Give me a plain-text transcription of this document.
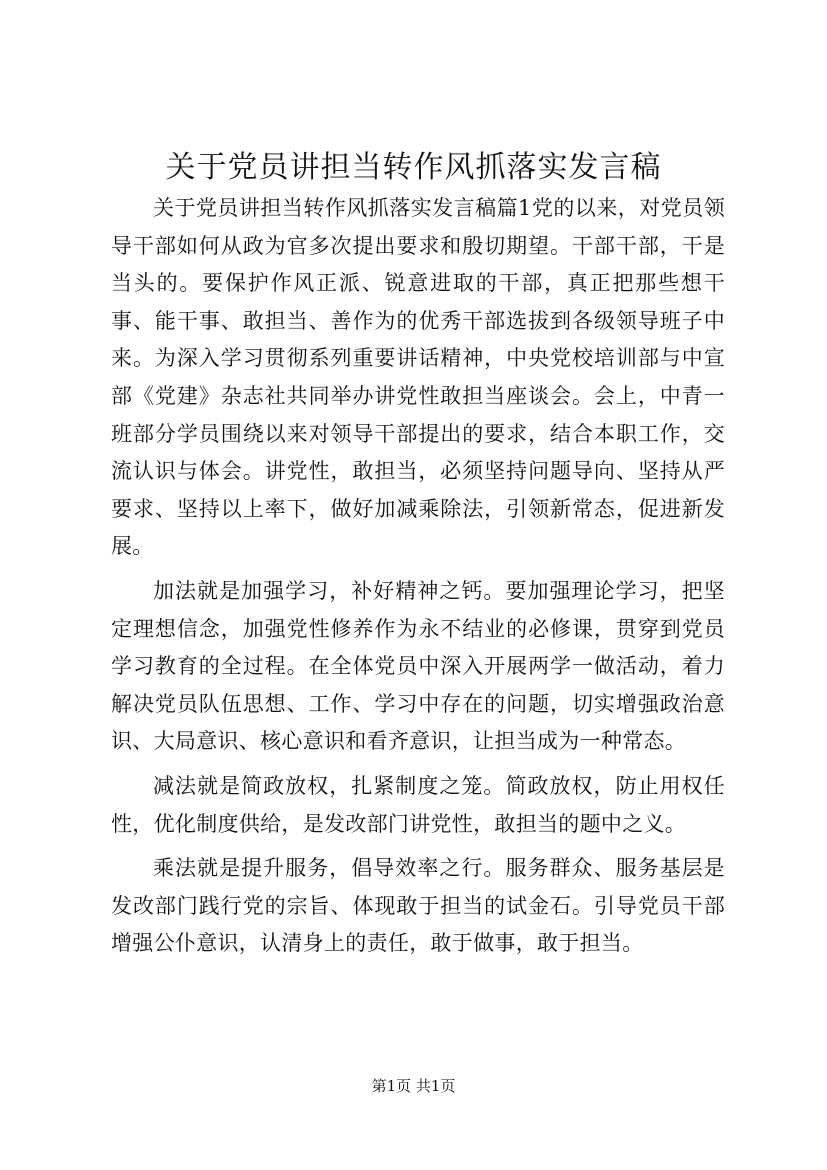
关于党员讲担当转作风抓落实发言稿

关于党员讲担当转作风抓落实发言稿篇1党的以来，对党员领导干部如何从政为官多次提出要求和殷切期望。干部干部，干是当头的。要保护作风正派、锐意进取的干部，真正把那些想干事、能干事、敢担当、善作为的优秀干部选拔到各级领导班子中来。为深入学习贯彻系列重要讲话精神，中央党校培训部与中宣部《党建》杂志社共同举办讲党性敢担当座谈会。会上，中青一班部分学员围绕以来对领导干部提出的要求，结合本职工作，交流认识与体会。讲党性，敢担当，必须坚持问题导向、坚持从严要求、坚持以上率下，做好加减乘除法，引领新常态，促进新发展。

加法就是加强学习，补好精神之钙。要加强理论学习，把坚定理想信念，加强党性修养作为永不结业的必修课，贯穿到党员学习教育的全过程。在全体党员中深入开展两学一做活动，着力解决党员队伍思想、工作、学习中存在的问题，切实增强政治意识、大局意识、核心意识和看齐意识，让担当成为一种常态。

减法就是简政放权，扎紧制度之笼。简政放权，防止用权任性，优化制度供给，是发改部门讲党性，敢担当的题中之义。

乘法就是提升服务，倡导效率之行。服务群众、服务基层是发改部门践行党的宗旨、体现敢于担当的试金石。引导党员干部增强公仆意识，认清身上的责任，敢于做事，敢于担当。

第1页 共1页
